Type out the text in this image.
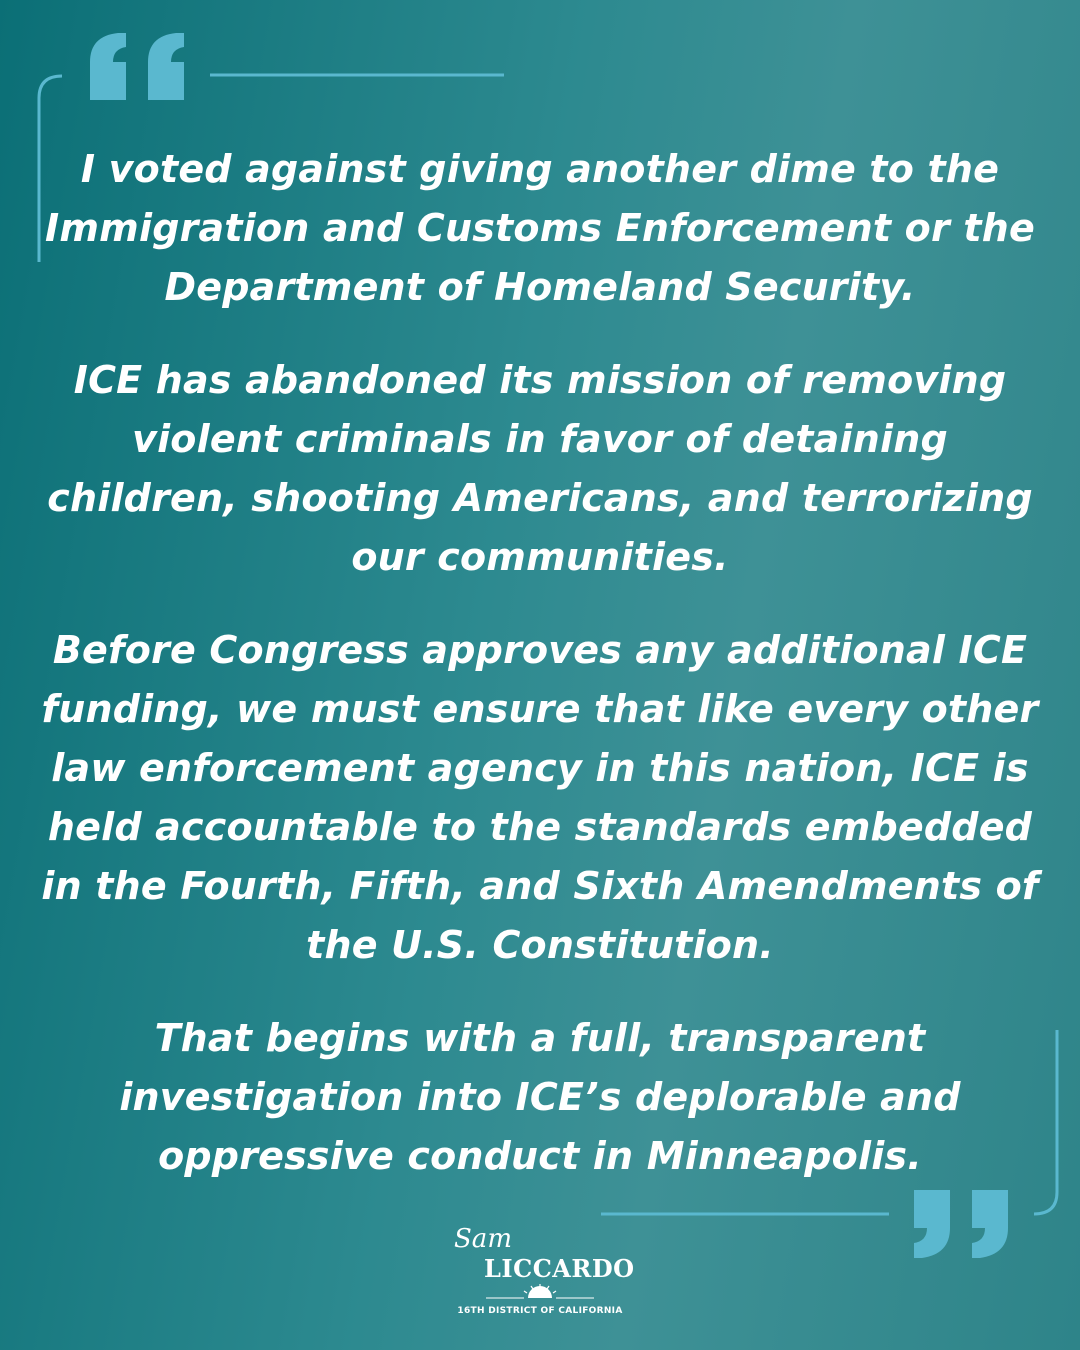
I voted against giving another dime to the Immigration and Customs Enforcement or the Department of Homeland Security.

ICE has abandoned its mission of removing violent criminals in favor of detaining children, shooting Americans, and terrorizing our communities.

Before Congress approves any additional ICE funding, we must ensure that like every other law enforcement agency in this nation, ICE is held accountable to the standards embedded in the Fourth, Fifth, and Sixth Amendments of the U.S. Constitution.

That begins with a full, transparent investigation into ICE’s deplorable and oppressive conduct in Minneapolis.

Sam
LICCARDO
16TH DISTRICT OF CALIFORNIA
